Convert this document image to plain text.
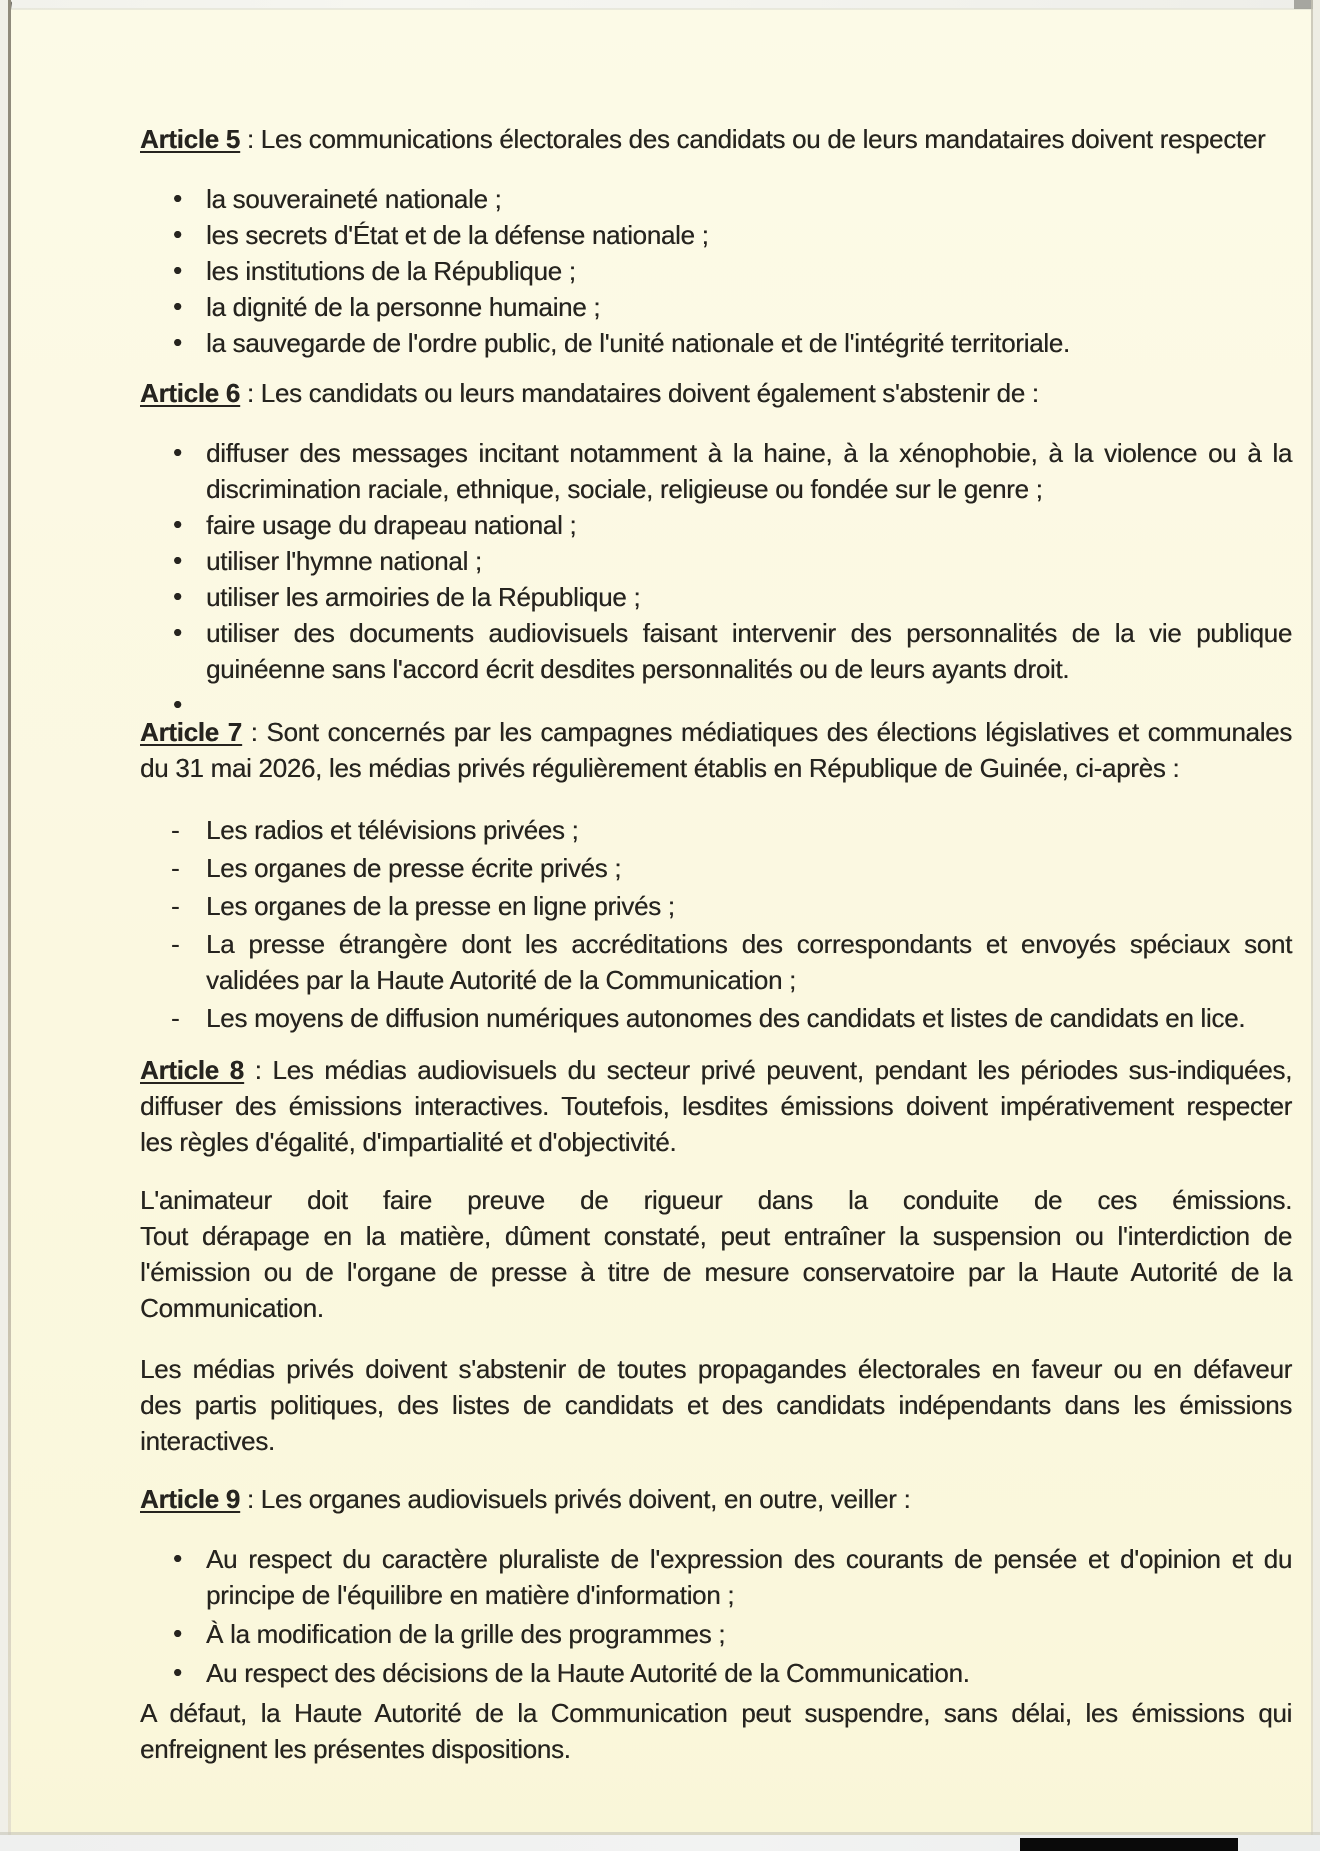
Article 5 : Les communications électorales des candidats ou de leurs mandataires doivent respecter

• la souveraineté nationale ;
• les secrets d'État et de la défense nationale ;
• les institutions de la République ;
• la dignité de la personne humaine ;
• la sauvegarde de l'ordre public, de l'unité nationale et de l'intégrité territoriale.

Article 6 : Les candidats ou leurs mandataires doivent également s'abstenir de :

• diffuser des messages incitant notamment à la haine, à la xénophobie, à la violence ou à la
discrimination raciale, ethnique, sociale, religieuse ou fondée sur le genre ;
• faire usage du drapeau national ;
• utiliser l'hymne national ;
• utiliser les armoiries de la République ;
• utiliser des documents audiovisuels faisant intervenir des personnalités de la vie publique
guinéenne sans l'accord écrit desdites personnalités ou de leurs ayants droit.
•

Article 7 : Sont concernés par les campagnes médiatiques des élections législatives et communales
du 31 mai 2026, les médias privés régulièrement établis en République de Guinée, ci-après :

- Les radios et télévisions privées ;
- Les organes de presse écrite privés ;
- Les organes de la presse en ligne privés ;
- La presse étrangère dont les accréditations des correspondants et envoyés spéciaux sont
validées par la Haute Autorité de la Communication ;
- Les moyens de diffusion numériques autonomes des candidats et listes de candidats en lice.

Article 8 : Les médias audiovisuels du secteur privé peuvent, pendant les périodes sus-indiquées,
diffuser des émissions interactives. Toutefois, lesdites émissions doivent impérativement respecter
les règles d'égalité, d'impartialité et d'objectivité.

L'animateur doit faire preuve de rigueur dans la conduite de ces émissions.
Tout dérapage en la matière, dûment constaté, peut entraîner la suspension ou l'interdiction de
l'émission ou de l'organe de presse à titre de mesure conservatoire par la Haute Autorité de la
Communication.

Les médias privés doivent s'abstenir de toutes propagandes électorales en faveur ou en défaveur
des partis politiques, des listes de candidats et des candidats indépendants dans les émissions
interactives.

Article 9 : Les organes audiovisuels privés doivent, en outre, veiller :

• Au respect du caractère pluraliste de l'expression des courants de pensée et d'opinion et du
principe de l'équilibre en matière d'information ;
• À la modification de la grille des programmes ;
• Au respect des décisions de la Haute Autorité de la Communication.

A défaut, la Haute Autorité de la Communication peut suspendre, sans délai, les émissions qui
enfreignent les présentes dispositions.
